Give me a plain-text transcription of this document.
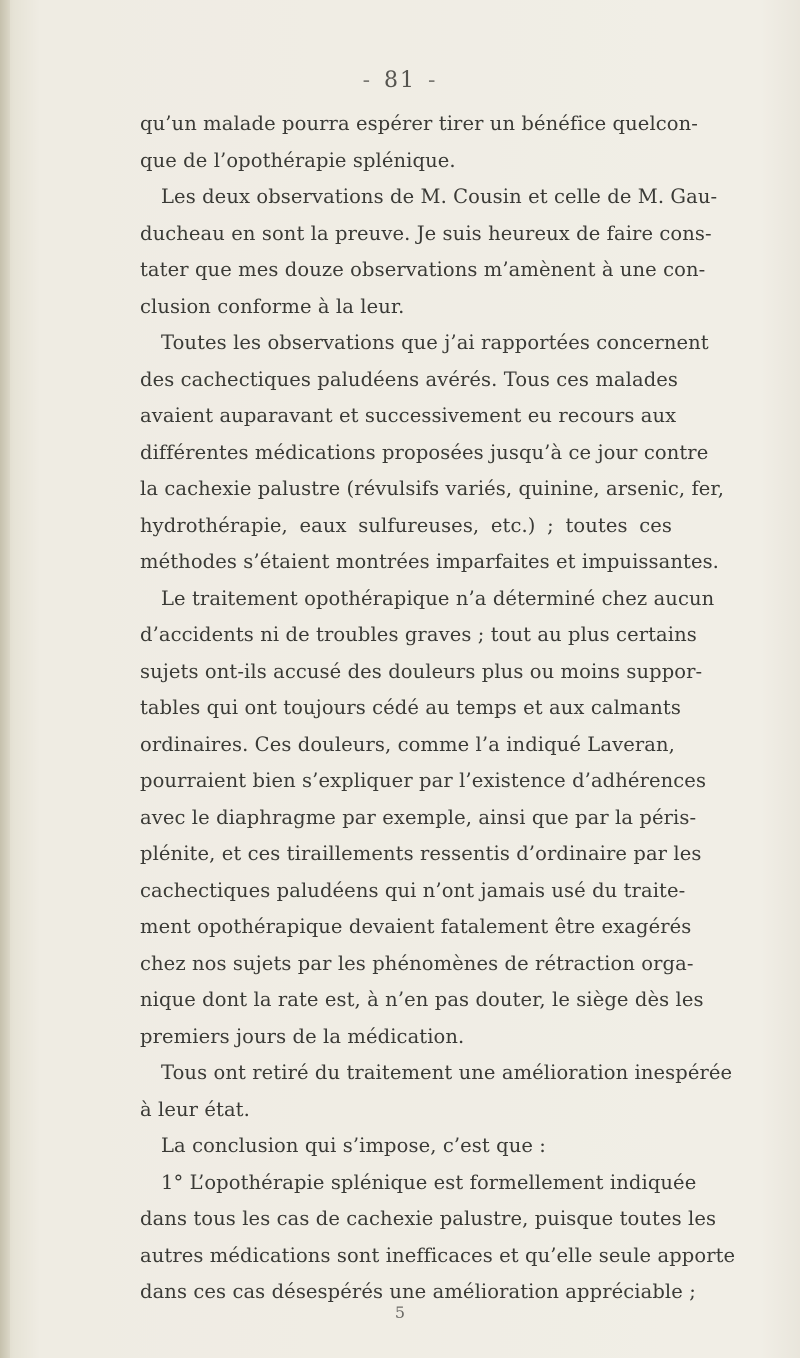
- 81 -
qu’un malade pourra espérer tirer un bénéfice quelcon-
que de l’opothérapie splénique.
Les deux observations de M. Cousin et celle de M. Gau-
ducheau en sont la preuve. Je suis heureux de faire cons-
tater que mes douze observations m’amènent à une con-
clusion conforme à la leur.
Toutes les observations que j’ai rapportées concernent
des cachectiques paludéens avérés. Tous ces malades
avaient auparavant et successivement eu recours aux
différentes médications proposées jusqu’à ce jour contre
la cachexie palustre (révulsifs variés, quinine, arsenic, fer,
hydrothérapie, eaux sulfureuses, etc.) ; toutes ces
méthodes s’étaient montrées imparfaites et impuissantes.
Le traitement opothérapique n’a déterminé chez aucun
d’accidents ni de troubles graves ; tout au plus certains
sujets ont-ils accusé des douleurs plus ou moins suppor-
tables qui ont toujours cédé au temps et aux calmants
ordinaires. Ces douleurs, comme l’a indiqué Laveran,
pourraient bien s’expliquer par l’existence d’adhérences
avec le diaphragme par exemple, ainsi que par la péris-
plénite, et ces tiraillements ressentis d’ordinaire par les
cachectiques paludéens qui n’ont jamais usé du traite-
ment opothérapique devaient fatalement être exagérés
chez nos sujets par les phénomènes de rétraction orga-
nique dont la rate est, à n’en pas douter, le siège dès les
premiers jours de la médication.
Tous ont retiré du traitement une amélioration inespérée
à leur état.
La conclusion qui s’impose, c’est que :
1° L’opothérapie splénique est formellement indiquée
dans tous les cas de cachexie palustre, puisque toutes les
autres médications sont inefficaces et qu’elle seule apporte
dans ces cas désespérés une amélioration appréciable ;
5
